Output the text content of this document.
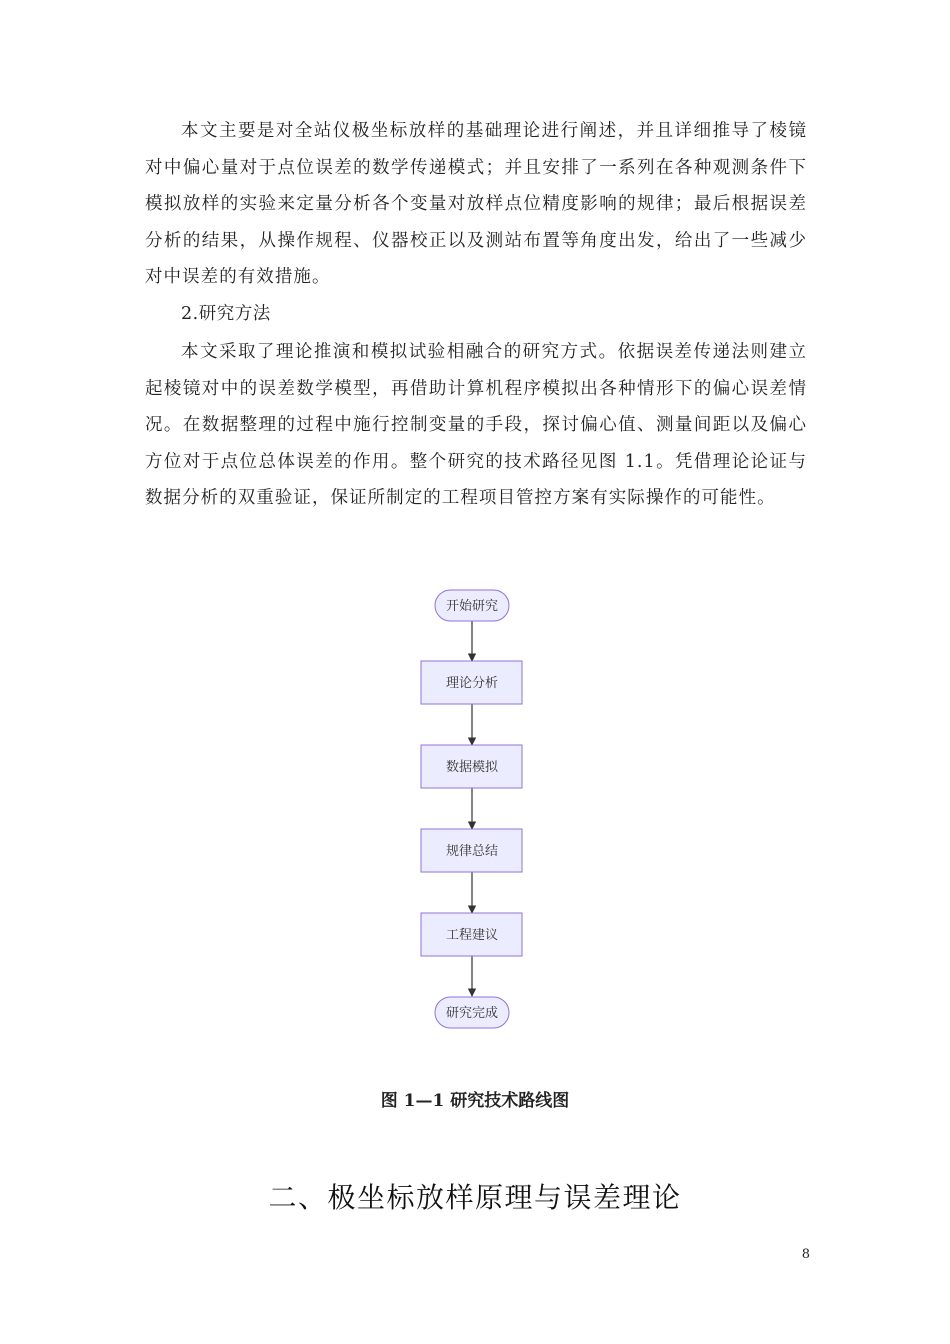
本文主要是对全站仪极坐标放样的基础理论进行阐述，并且详细推导了棱镜对中偏心量对于点位误差的数学传递模式；并且安排了一系列在各种观测条件下模拟放样的实验来定量分析各个变量对放样点位精度影响的规律；最后根据误差分析的结果，从操作规程、仪器校正以及测站布置等角度出发，给出了一些减少对中误差的有效措施。

2.研究方法

本文采取了理论推演和模拟试验相融合的研究方式。依据误差传递法则建立起棱镜对中的误差数学模型，再借助计算机程序模拟出各种情形下的偏心误差情况。在数据整理的过程中施行控制变量的手段，探讨偏心值、测量间距以及偏心方位对于点位总体误差的作用。整个研究的技术路径见图 1.1。凭借理论论证与数据分析的双重验证，保证所制定的工程项目管控方案有实际操作的可能性。

开始研究
理论分析
数据模拟
规律总结
工程建议
研究完成

图 1—1 研究技术路线图

二、极坐标放样原理与误差理论

8
